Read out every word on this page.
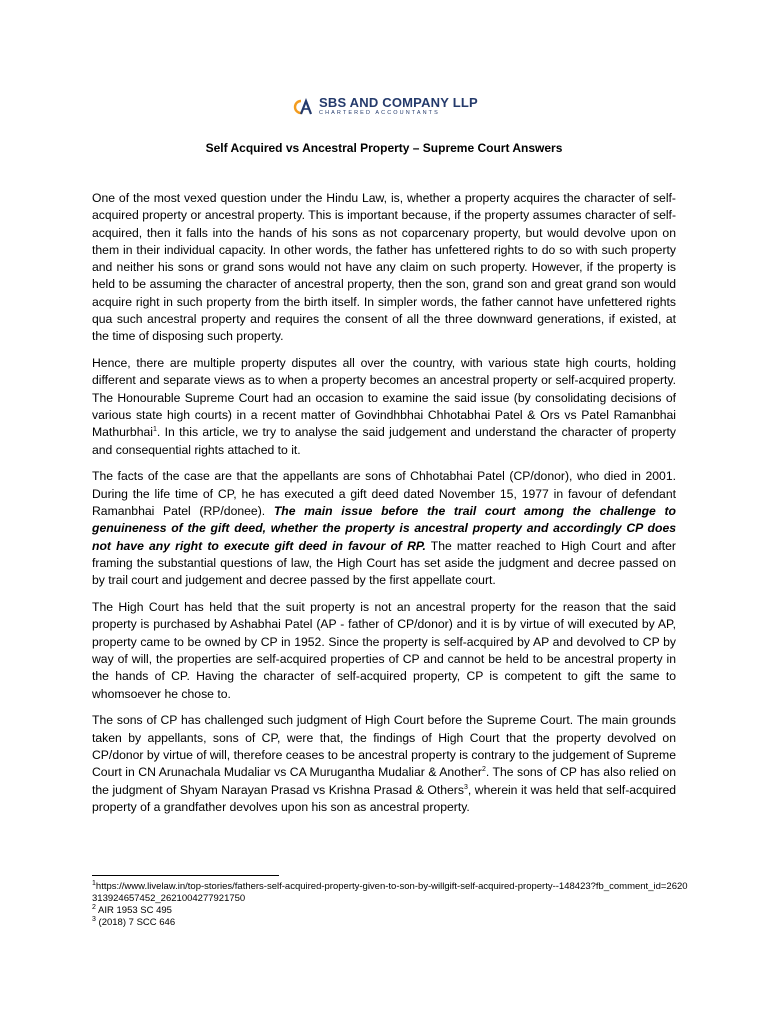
SBS AND COMPANY LLP
CHARTERED ACCOUNTANTS
Self Acquired vs Ancestral Property – Supreme Court Answers

One of the most vexed question under the Hindu Law, is, whether a property acquires the character of self-acquired property or ancestral property. This is important because, if the property assumes character of self-acquired, then it falls into the hands of his sons as not coparcenary property, but would devolve upon on them in their individual capacity. In other words, the father has unfettered rights to do so with such property and neither his sons or grand sons would not have any claim on such property. However, if the property is held to be assuming the character of ancestral property, then the son, grand son and great grand son would acquire right in such property from the birth itself. In simpler words, the father cannot have unfettered rights qua such ancestral property and requires the consent of all the three downward generations, if existed, at the time of disposing such property.

Hence, there are multiple property disputes all over the country, with various state high courts, holding different and separate views as to when a property becomes an ancestral property or self-acquired property. The Honourable Supreme Court had an occasion to examine the said issue (by consolidating decisions of various state high courts) in a recent matter of Govindhbhai Chhotabhai Patel & Ors vs Patel Ramanbhai Mathurbhai$^1$. In this article, we try to analyse the said judgement and understand the character of property and consequential rights attached to it.

The facts of the case are that the appellants are sons of Chhotabhai Patel (CP/donor), who died in 2001. During the life time of CP, he has executed a gift deed dated November 15, 1977 in favour of defendant Ramanbhai Patel (RP/donee). The main issue before the trail court among the challenge to genuineness of the gift deed, whether the property is ancestral property and accordingly CP does not have any right to execute gift deed in favour of RP. The matter reached to High Court and after framing the substantial questions of law, the High Court has set aside the judgment and decree passed on by trail court and judgement and decree passed by the first appellate court.

The High Court has held that the suit property is not an ancestral property for the reason that the said property is purchased by Ashabhai Patel (AP - father of CP/donor) and it is by virtue of will executed by AP, property came to be owned by CP in 1952. Since the property is self-acquired by AP and devolved to CP by way of will, the properties are self-acquired properties of CP and cannot be held to be ancestral property in the hands of CP. Having the character of self-acquired property, CP is competent to gift the same to whomsoever he chose to.

The sons of CP has challenged such judgment of High Court before the Supreme Court. The main grounds taken by appellants, sons of CP, were that, the findings of High Court that the property devolved on CP/donor by virtue of will, therefore ceases to be ancestral property is contrary to the judgement of Supreme Court in CN Arunachala Mudaliar vs CA Murugantha Mudaliar & Another$^2$. The sons of CP has also relied on the judgment of Shyam Narayan Prasad vs Krishna Prasad & Others$^3$, wherein it was held that self-acquired property of a grandfather devolves upon his son as ancestral property.

$^1$https://www.livelaw.in/top-stories/fathers-self-acquired-property-given-to-son-by-willgift-self-acquired-property--148423?fb_comment_id=2620313924657452_2621004277921750
$^2$ AIR 1953 SC 495
$^3$ (2018) 7 SCC 646
